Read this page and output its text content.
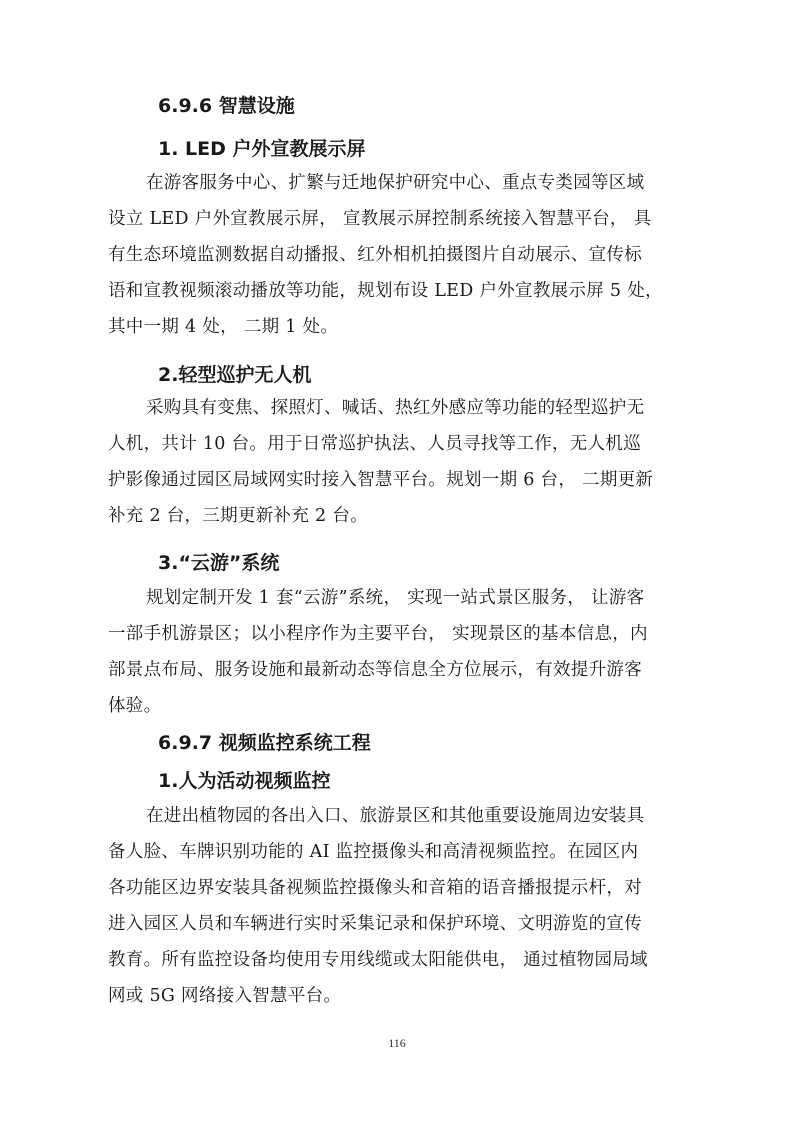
6.9.6 智慧设施
1. LED 户外宣教展示屏
在游客服务中心、扩繁与迁地保护研究中心、重点专类园等区域
设立 LED 户外宣教展示屏， 宣教展示屏控制系统接入智慧平台， 具
有生态环境监测数据自动播报、红外相机拍摄图片自动展示、宣传标
语和宣教视频滚动播放等功能，规划布设 LED 户外宣教展示屏 5 处，
其中一期 4 处， 二期 1 处。
2.轻型巡护无人机
采购具有变焦、探照灯、喊话、热红外感应等功能的轻型巡护无
人机，共计 10 台。用于日常巡护执法、人员寻找等工作，无人机巡
护影像通过园区局域网实时接入智慧平台。规划一期 6 台， 二期更新
补充 2 台，三期更新补充 2 台。
3.“云游”系统
规划定制开发 1 套“云游”系统， 实现一站式景区服务， 让游客
一部手机游景区；以小程序作为主要平台， 实现景区的基本信息，内
部景点布局、服务设施和最新动态等信息全方位展示，有效提升游客
体验。
6.9.7 视频监控系统工程
1.人为活动视频监控
在进出植物园的各出入口、旅游景区和其他重要设施周边安装具
备人脸、车牌识别功能的 AI 监控摄像头和高清视频监控。在园区内
各功能区边界安装具备视频监控摄像头和音箱的语音播报提示杆，对
进入园区人员和车辆进行实时采集记录和保护环境、文明游览的宣传
教育。所有监控设备均使用专用线缆或太阳能供电， 通过植物园局域
网或 5G 网络接入智慧平台。
116
